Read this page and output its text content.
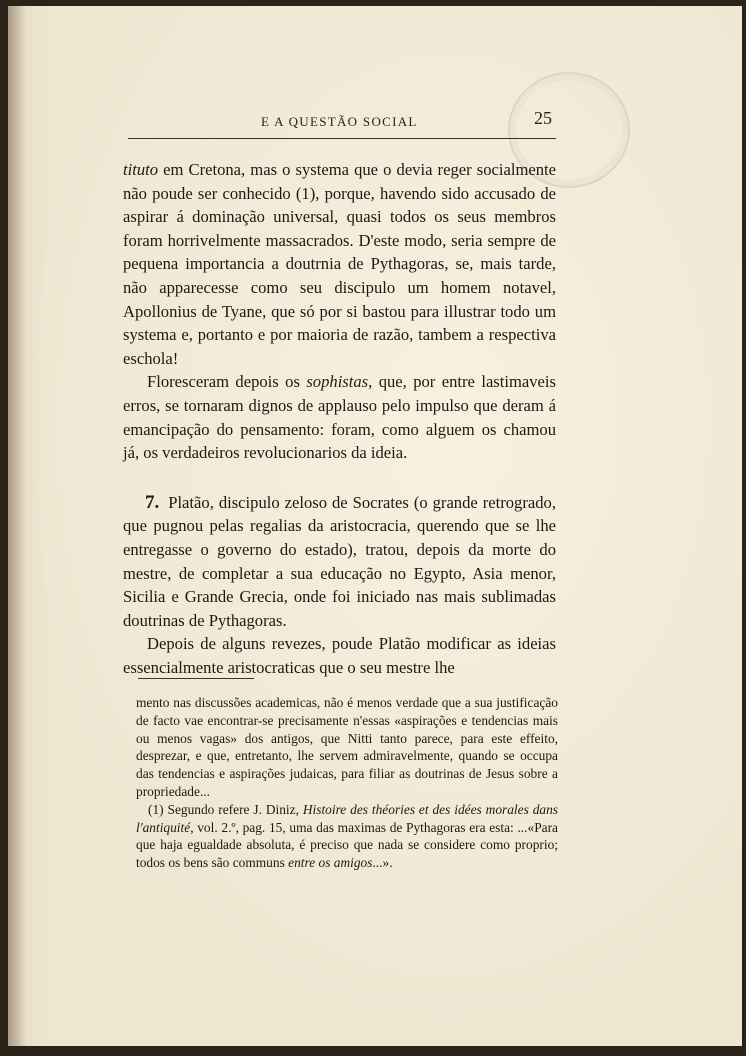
E A QUESTÃO SOCIAL	25

tituto em Cretona, mas o systema que o devia reger socialmente não poude ser conhecido (1), porque, havendo sido accusado de aspirar á dominação universal, quasi todos os seus membros foram horrivelmente massacrados. D'este modo, seria sempre de pequena importancia a doutrnia de Pythagoras, se, mais tarde, não apparecesse como seu discipulo um homem notavel, Apollonius de Tyane, que só por si bastou para illustrar todo um systema e, portanto e por maioria de razão, tambem a respectiva eschola!

Floresceram depois os sophistas, que, por entre lastimaveis erros, se tornaram dignos de applauso pelo impulso que deram á emancipação do pensamento: foram, como alguem os chamou já, os verdadeiros revolucionarios da ideia.

7. Platão, discipulo zeloso de Socrates (o grande retrogrado, que pugnou pelas regalias da aristocracia, querendo que se lhe entregasse o governo do estado), tratou, depois da morte do mestre, de completar a sua educação no Egypto, Asia menor, Sicilia e Grande Grecia, onde foi iniciado nas mais sublimadas doutrinas de Pythagoras.

Depois de alguns revezes, poude Platão modificar as ideias essencialmente aristocraticas que o seu mestre lhe

mento nas discussões academicas, não é menos verdade que a sua justificação de facto vae encontrar-se precisamente n'essas «aspirações e tendencias mais ou menos vagas» dos antigos, que Nitti tanto parece, para este effeito, desprezar, e que, entretanto, lhe servem admiravelmente, quando se occupa das tendencias e aspirações judaicas, para filiar as doutrinas de Jesus sobre a propriedade...

(1) Segundo refere J. Diniz, Histoire des théories et des idées morales dans l'antiquité, vol. 2.º, pag. 15, uma das maximas de Pythagoras era esta: ...«Para que haja egualdade absoluta, é preciso que nada se considere como proprio; todos os bens são communs entre os amigos...».
